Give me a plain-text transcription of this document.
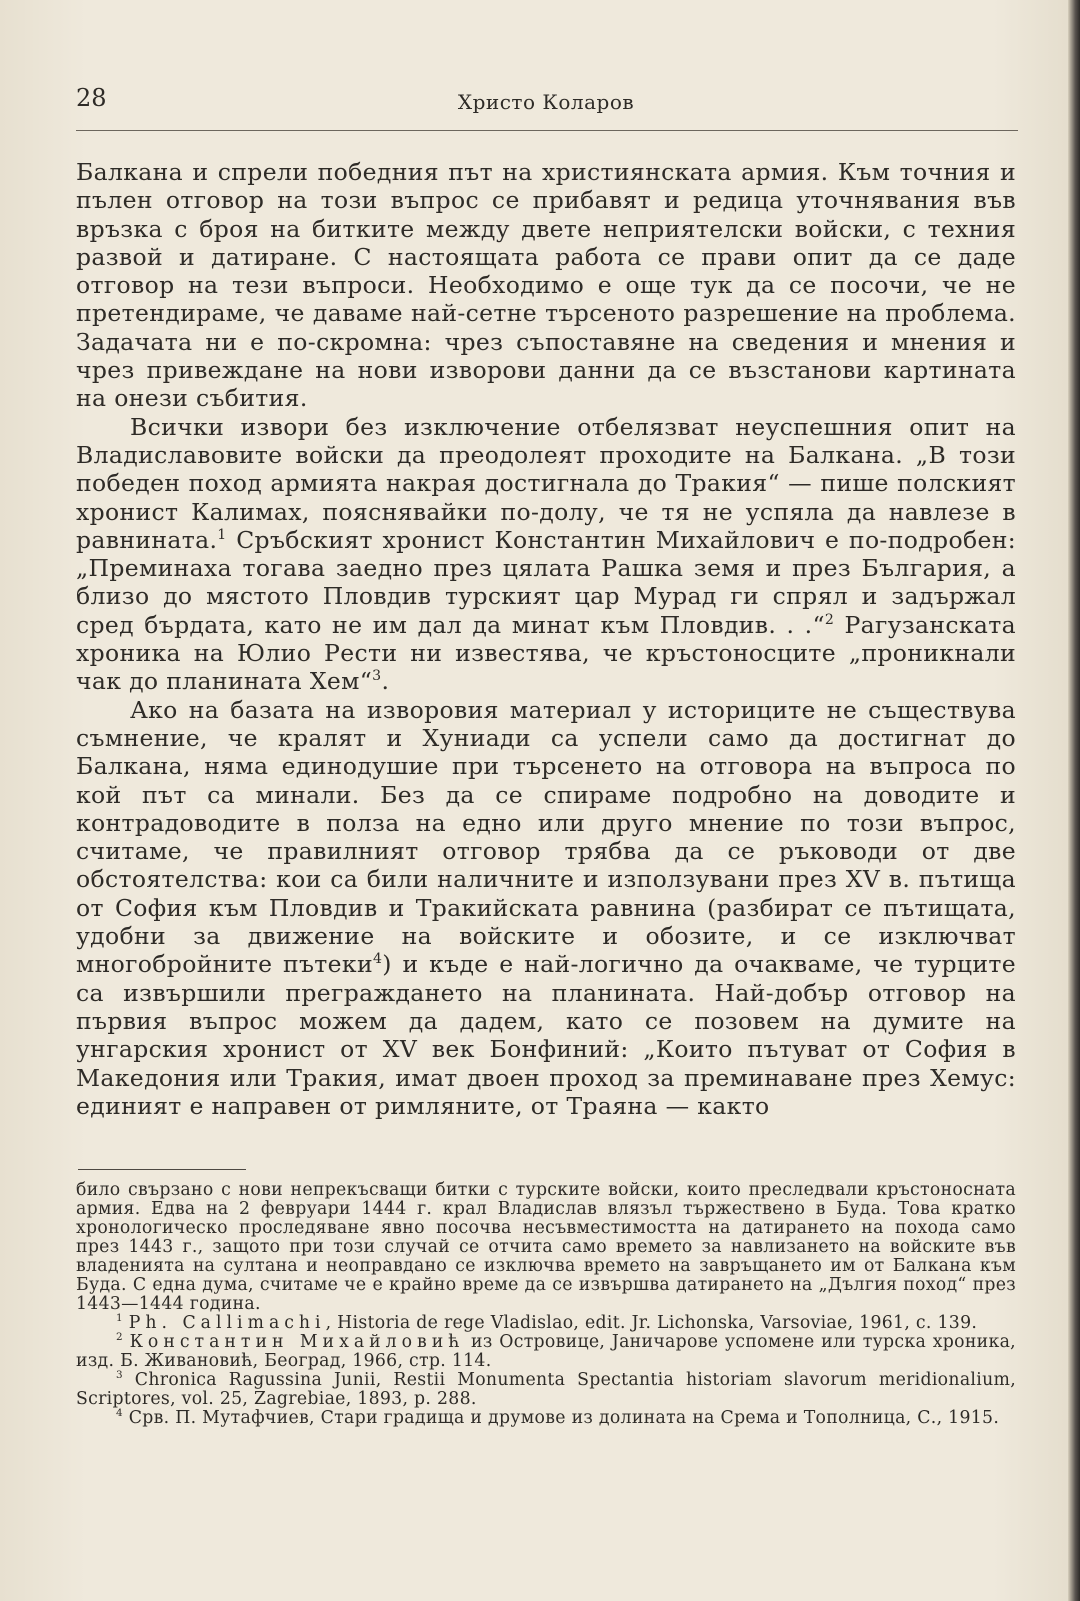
28	Христо Коларов

Балкана и спрели победния път на християнската армия. Към точния и пълен отговор на този въпрос се прибавят и редица уточнявания във връзка с броя на битките между двете неприятелски войски, с техния развой и датиране. С настоящата работа се прави опит да се даде отговор на тези въпроси. Необходимо е още тук да се посочи, че не претендираме, че даваме най-сетне търсеното разрешение на проблема. Задачата ни е по-скромна: чрез съпоставяне на сведения и мнения и чрез привеждане на нови изворови данни да се възстанови картината на онези събития.

Всички извори без изключение отбелязват неуспешния опит на Владиславовите войски да преодолеят проходите на Балкана. „В този победен поход армията накрая достигнала до Тракия“ — пише полският хронист Калимах, пояснявайки по-долу, че тя не успяла да навлезе в равнината.$^1$ Сръбският хронист Константин Михайлович е по-подробен: „Преминаха тогава заедно през цялата Рашка земя и през България, а близо до мястото Пловдив турският цар Мурад ги спрял и задържал сред бърдата, като не им дал да минат към Пловдив. . .“$^2$ Рагузанската хроника на Юлио Рести ни известява, че кръстоносците „проникнали чак до планината Хем“$^3$.

Ако на базата на изворовия материал у историците не съществува съмнение, че кралят и Хуниади са успели само да достигнат до Балкана, няма единодушие при търсенето на отговора на въпроса по кой път са минали. Без да се спираме подробно на доводите и контрадоводите в полза на едно или друго мнение по този въпрос, считаме, че правилният отговор трябва да се ръководи от две обстоятелства: кои са били наличните и използувани през XV в. пътища от София към Пловдив и Тракийската равнина (разбират се пътищата, удобни за движение на войските и обозите, и се изключват многобройните пътеки$^4$) и къде е най-логично да очакваме, че турците са извършили преграждането на планината. Най-добър отговор на първия въпрос можем да дадем, като се позовем на думите на унгарския хронист от XV век Бонфиний: „Които пътуват от София в Македония или Тракия, имат двоен проход за преминаване през Хемус: единият е направен от римляните, от Траяна — както

било свързано с нови непрекъсващи битки с турските войски, които преследвали кръстоносната армия. Едва на 2 февруари 1444 г. крал Владислав влязъл тържествено в Буда. Това кратко хронологическо проследяване явно посочва несъвместимостта на датирането на похода само през 1443 г., защото при този случай се отчита само времето за навлизането на войските във владенията на султана и неоправдано се изключва времето на завръщането им от Балкана към Буда. С една дума, считаме че е крайно време да се извършва датирането на „Дългия поход“ през 1443—1444 година.

$^1$ Ph. Callimachi, Historia de rege Vladislao, edit. Jr. Lichonska, Varsoviae, 1961, с. 139.

$^2$ Константин Михайловић из Островице, Јаничарове успомене или турска хроника, изд. Б. Живановић, Београд, 1966, стр. 114.

$^3$ Chronica Ragussina Junii, Restii Monumenta Spectantia historiam slavorum meridionalium, Scriptores, vol. 25, Zagrebiae, 1893, p. 288.

$^4$ Срв. П. Мутафчиев, Стари градища и друмове из долината на Срема и Тополница, С., 1915.
